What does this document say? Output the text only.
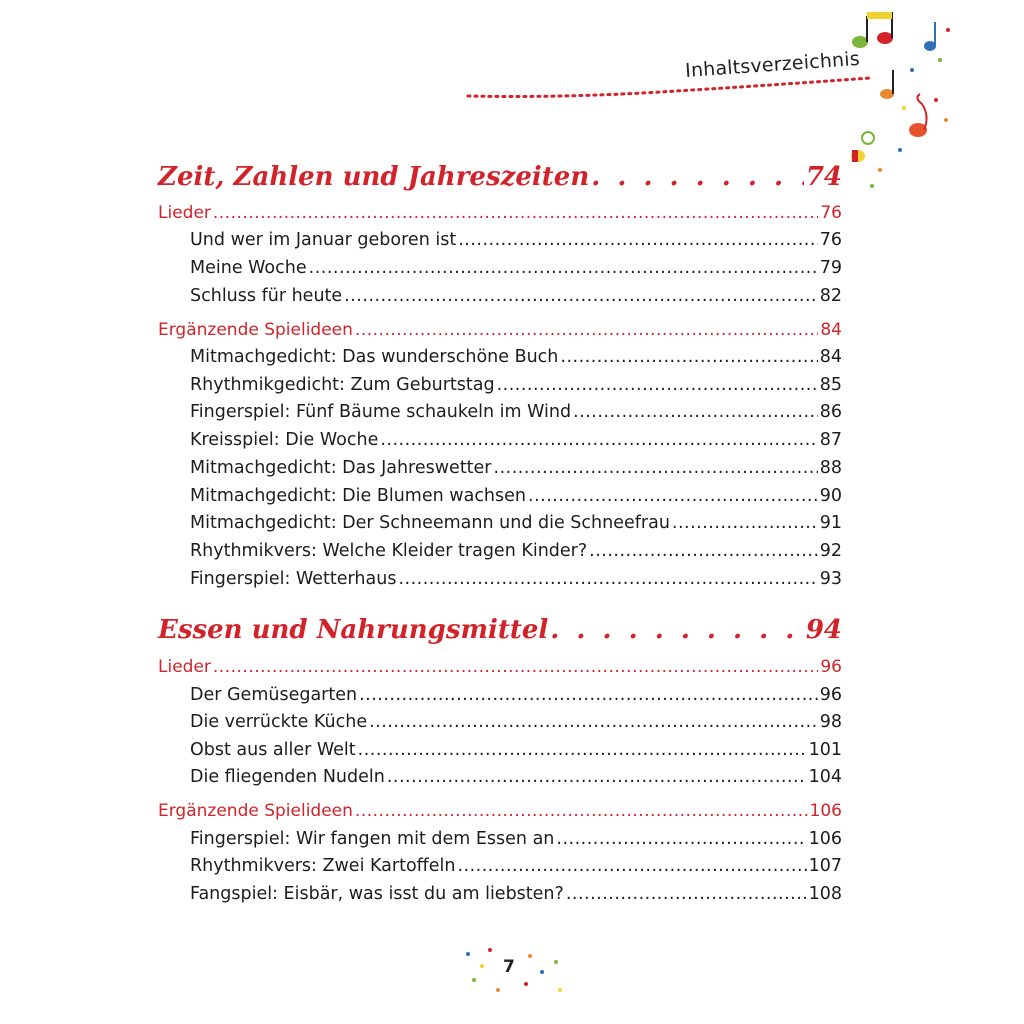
Inhaltsverzeichnis
Zeit, Zahlen und Jahreszeiten . . .	74
Lieder .....	76
Und wer im Januar geboren ist .....	76
Meine Woche .....	79
Schluss für heute .....	82
Ergänzende Spielideen .....	84
Mitmachgedicht: Das wunderschöne Buch .....	84
Rhythmikgedicht: Zum Geburtstag .....	85
Fingerspiel: Fünf Bäume schaukeln im Wind .....	86
Kreisspiel: Die Woche .....	87
Mitmachgedicht: Das Jahreswetter .....	88
Mitmachgedicht: Die Blumen wachsen .....	90
Mitmachgedicht: Der Schneemann und die Schneefrau .....	91
Rhythmikvers: Welche Kleider tragen Kinder? .....	92
Fingerspiel: Wetterhaus .....	93
Essen und Nahrungsmittel . . .	94
Lieder .....	96
Der Gemüsegarten .....	96
Die verrückte Küche .....	98
Obst aus aller Welt .....	101
Die fliegenden Nudeln .....	104
Ergänzende Spielideen .....	106
Fingerspiel: Wir fangen mit dem Essen an .....	106
Rhythmikvers: Zwei Kartoffeln .....	107
Fangspiel: Eisbär, was isst du am liebsten? .....	108
7
